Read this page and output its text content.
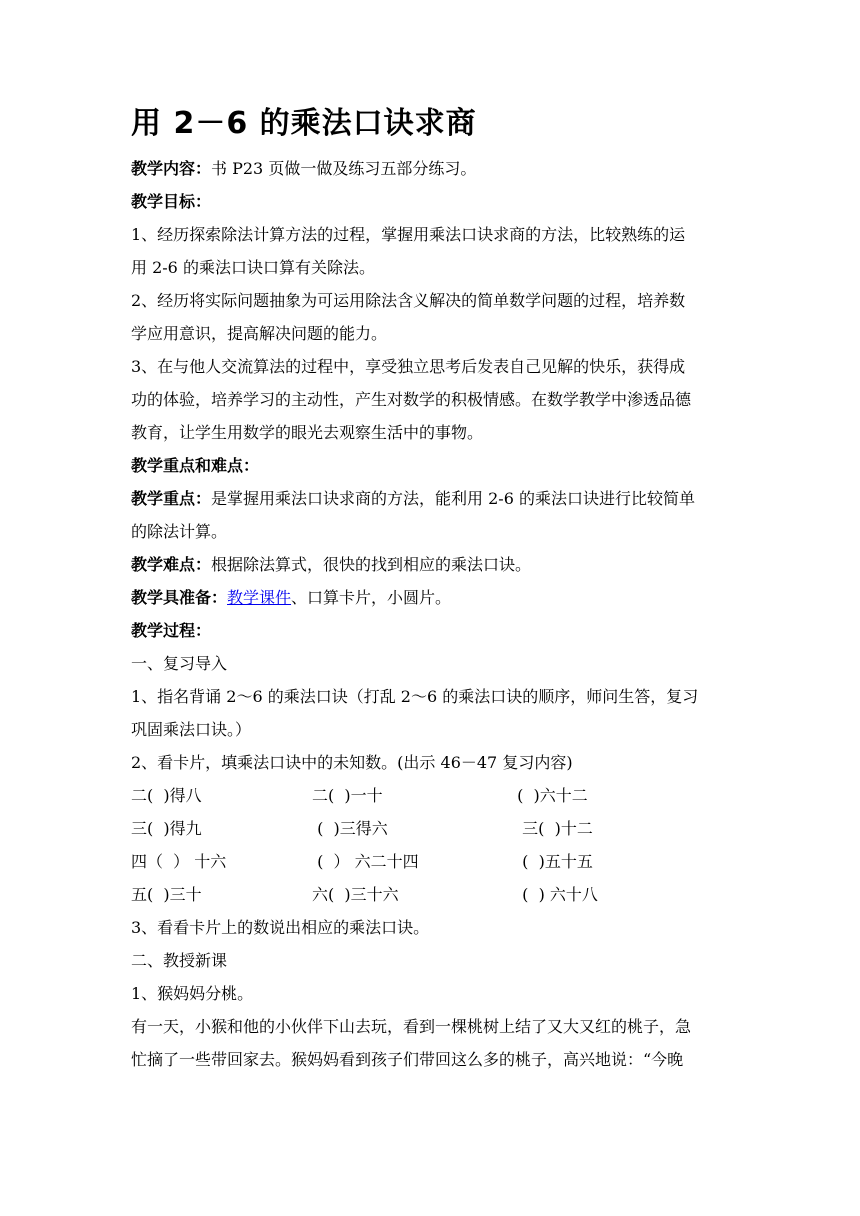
用 2－6 的乘法口诀求商
教学内容：书 P23 页做一做及练习五部分练习。
教学目标：
1、经历探索除法计算方法的过程，掌握用乘法口诀求商的方法，比较熟练的运
用 2-6 的乘法口诀口算有关除法。
2、经历将实际问题抽象为可运用除法含义解决的简单数学问题的过程，培养数
学应用意识，提高解决问题的能力。
3、在与他人交流算法的过程中，享受独立思考后发表自己见解的快乐，获得成
功的体验，培养学习的主动性，产生对数学的积极情感。在数学教学中渗透品德
教育，让学生用数学的眼光去观察生活中的事物。
教学重点和难点：
教学重点：是掌握用乘法口诀求商的方法，能利用 2-6 的乘法口诀进行比较简单
的除法计算。
教学难点：根据除法算式，很快的找到相应的乘法口诀。
教学具准备：教学课件、口算卡片，小圆片。
教学过程：
一、复习导入
1、指名背诵 2～6 的乘法口诀（打乱 2～6 的乘法口诀的顺序，师问生答，复习
巩固乘法口诀。）
2、看卡片，填乘法口诀中的未知数。(出示 46－47 复习内容)
二(  )得八	二(  )一十	(  )六十二
三(  )得九	(  )三得六	三(  )十二
四（  ） 十六	(  ） 六二十四	(  )五十五
五(  )三十	六(  )三十六	(  ) 六十八
3、看看卡片上的数说出相应的乘法口诀。
二、教授新课
1、猴妈妈分桃。
有一天，小猴和他的小伙伴下山去玩，看到一棵桃树上结了又大又红的桃子，急
忙摘了一些带回家去。猴妈妈看到孩子们带回这么多的桃子，高兴地说：“今晚
